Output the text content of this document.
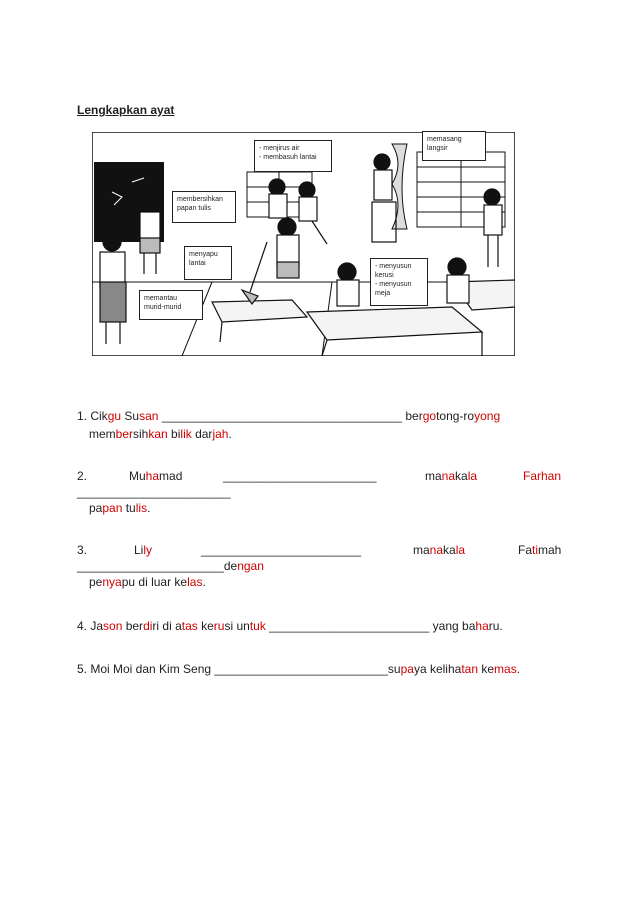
Lengkapkan ayat
- menjirus air
- membasuh lantai
memasang
langsir
membersihkan
papan tulis
menyapu
lantai	- menyusun
kerusi
- menyusun
meja
memantau
murid-murid
1. Cikgu Susan ____________________________________ bergotong-royong
membersihkan bilik darjah.
2.	Muhamad	_______________________	manakala	Farhan
_______________________
papan tulis.
3.	Lily	________________________	manakala	Fatimah
______________________dengan
penyapu di luar kelas.
4. Jason berdiri di atas kerusi untuk ________________________ yang baharu.
5. Moi Moi dan Kim Seng __________________________supaya kelihatan kemas.
